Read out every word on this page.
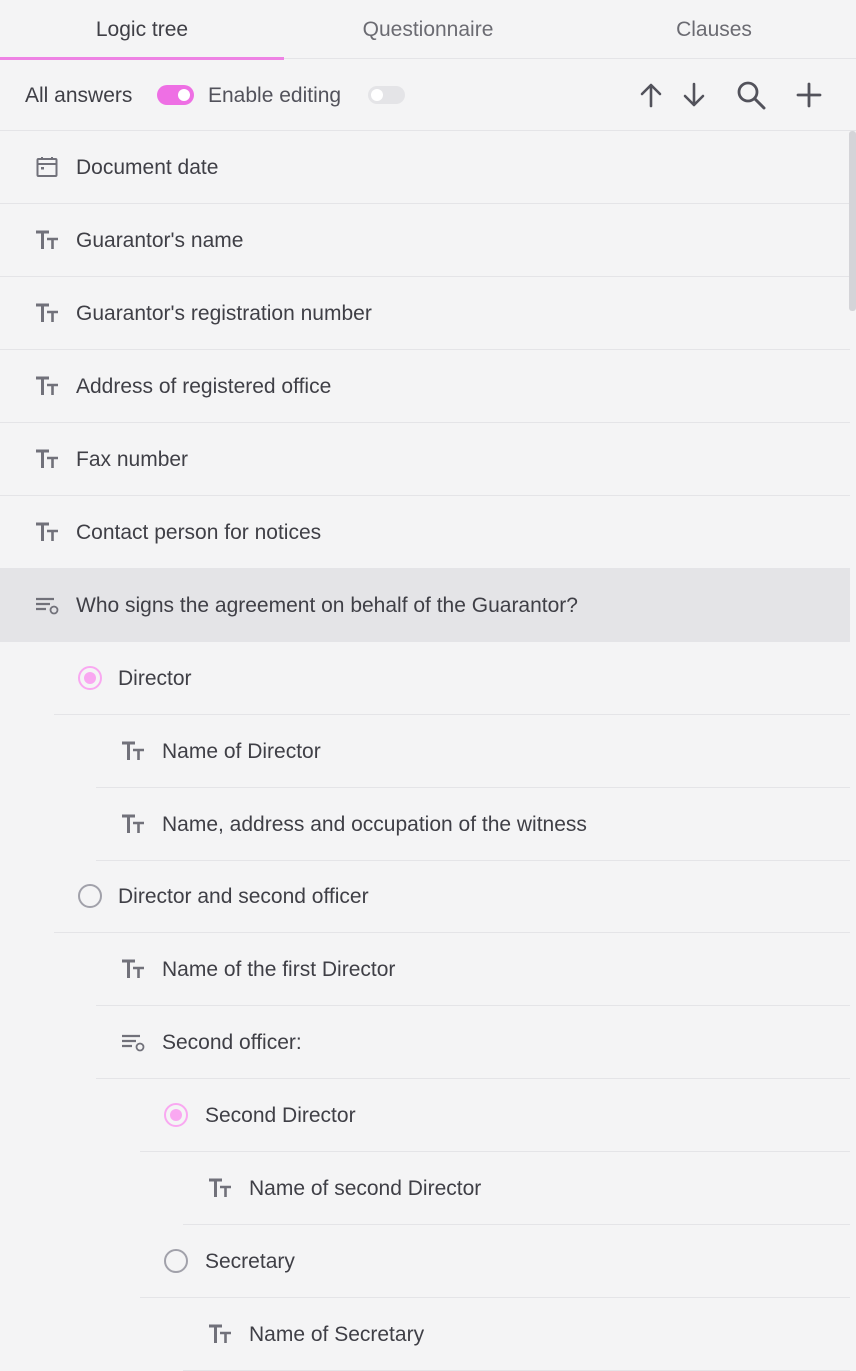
Logic tree	Questionnaire	Clauses
All answers	Enable editing
Document date
Guarantor's name
Guarantor's registration number
Address of registered office
Fax number
Contact person for notices
Who signs the agreement on behalf of the Guarantor?
Director
Name of Director
Name, address and occupation of the witness
Director and second officer
Name of the first Director
Second officer:
Second Director
Name of second Director
Secretary
Name of Secretary
